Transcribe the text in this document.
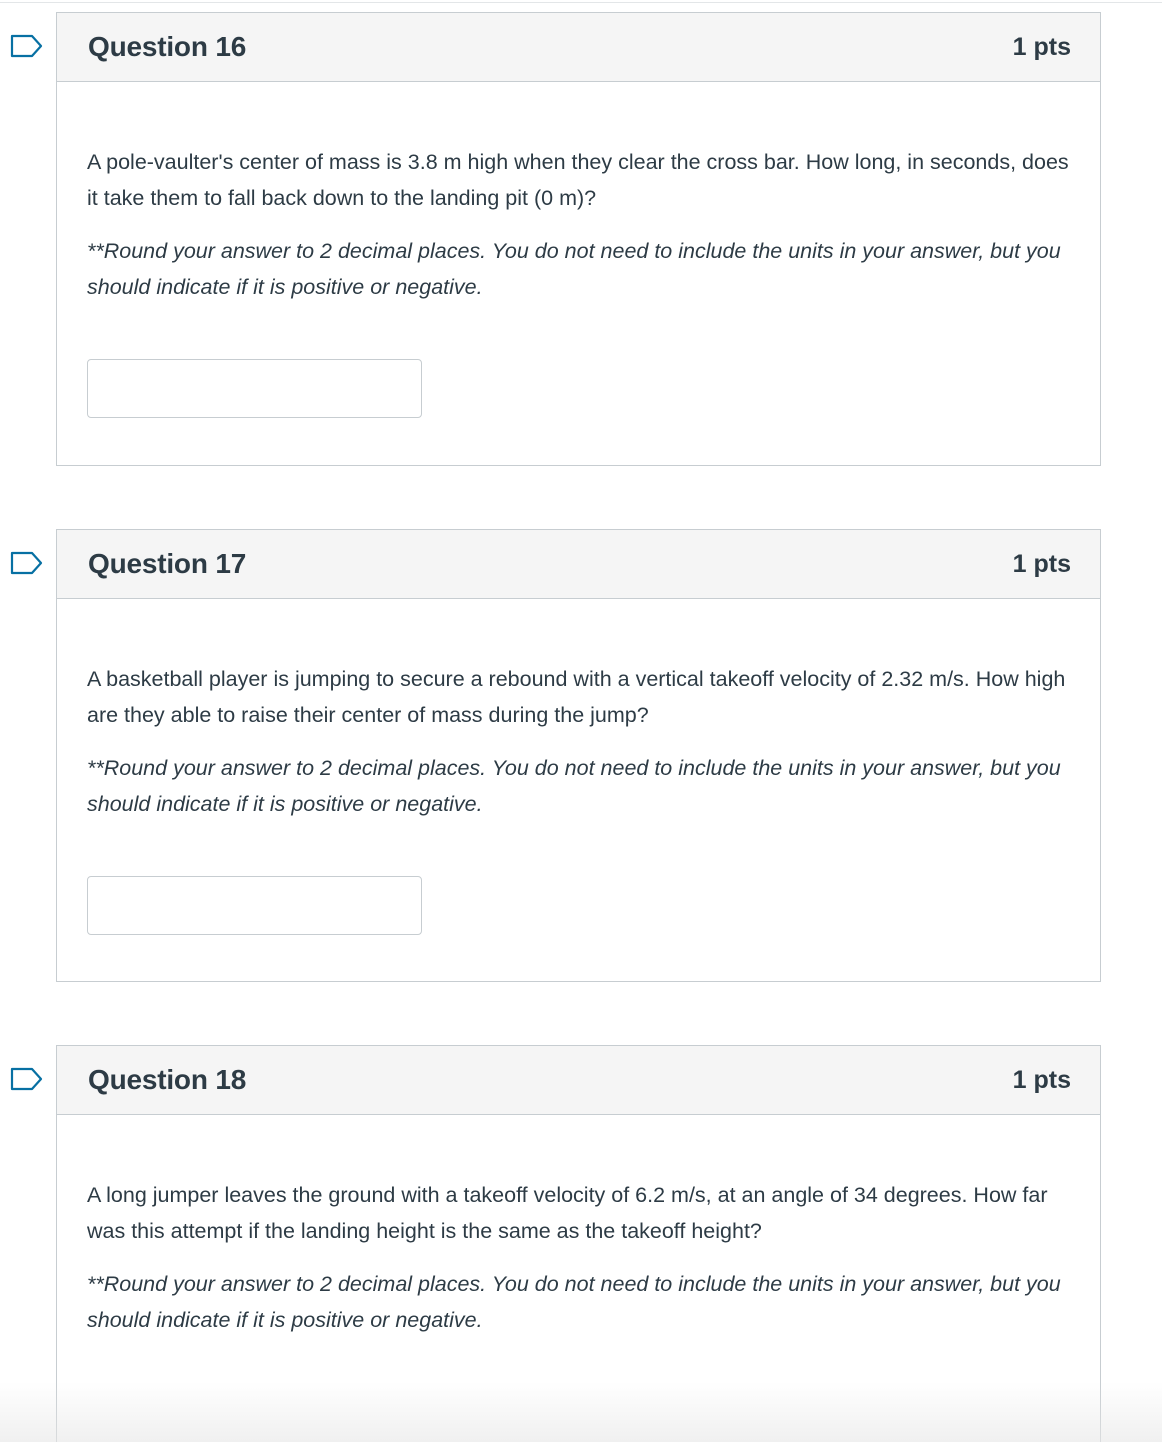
Question 16	1 pts

A pole-vaulter's center of mass is 3.8 m high when they clear the cross bar. How long, in seconds, does it take them to fall back down to the landing pit (0 m)?

**Round your answer to 2 decimal places. You do not need to include the units in your answer, but you should indicate if it is positive or negative.

Question 17	1 pts

A basketball player is jumping to secure a rebound with a vertical takeoff velocity of 2.32 m/s. How high are they able to raise their center of mass during the jump?

**Round your answer to 2 decimal places. You do not need to include the units in your answer, but you should indicate if it is positive or negative.

Question 18	1 pts

A long jumper leaves the ground with a takeoff velocity of 6.2 m/s, at an angle of 34 degrees. How far was this attempt if the landing height is the same as the takeoff height?

**Round your answer to 2 decimal places. You do not need to include the units in your answer, but you should indicate if it is positive or negative.
